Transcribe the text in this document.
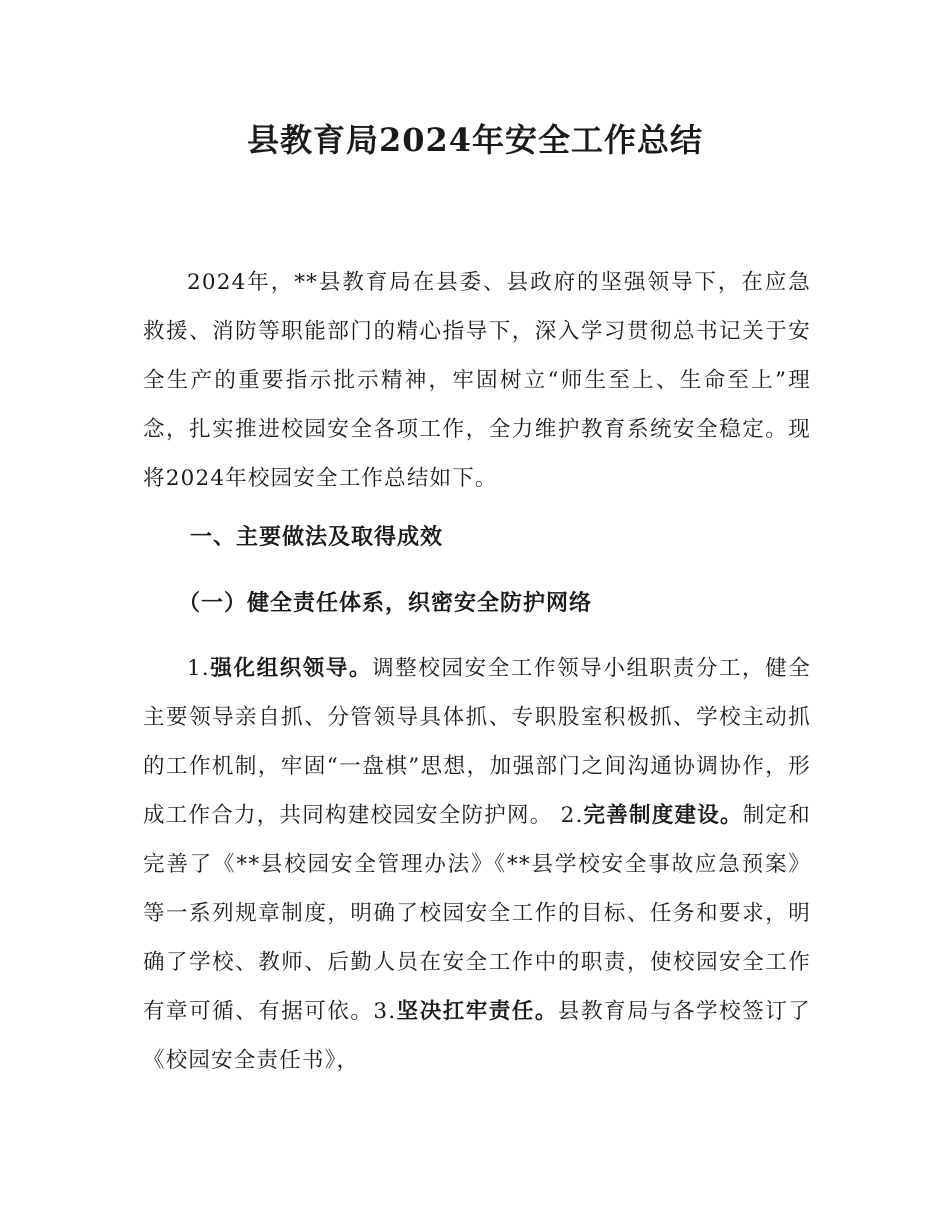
县教育局2024年安全工作总结
2024年，**县教育局在县委、县政府的坚强领导下，在应急救援、消防等职能部门的精心指导下，深入学习贯彻总书记关于安全生产的重要指示批示精神，牢固树立“师生至上、生命至上”理念，扎实推进校园安全各项工作，全力维护教育系统安全稳定。现将2024年校园安全工作总结如下。
一、主要做法及取得成效
（一）健全责任体系，织密安全防护网络
1.强化组织领导。调整校园安全工作领导小组职责分工，健全主要领导亲自抓、分管领导具体抓、专职股室积极抓、学校主动抓的工作机制，牢固“一盘棋”思想，加强部门之间沟通协调协作，形成工作合力，共同构建校园安全防护网。 2.完善制度建设。制定和完善了《**县校园安全管理办法》《**县学校安全事故应急预案》等一系列规章制度，明确了校园安全工作的目标、任务和要求，明确了学校、教师、后勤人员在安全工作中的职责，使校园安全工作有章可循、有据可依。3.坚决扛牢责任。县教育局与各学校签订了《校园安全责任书》，
